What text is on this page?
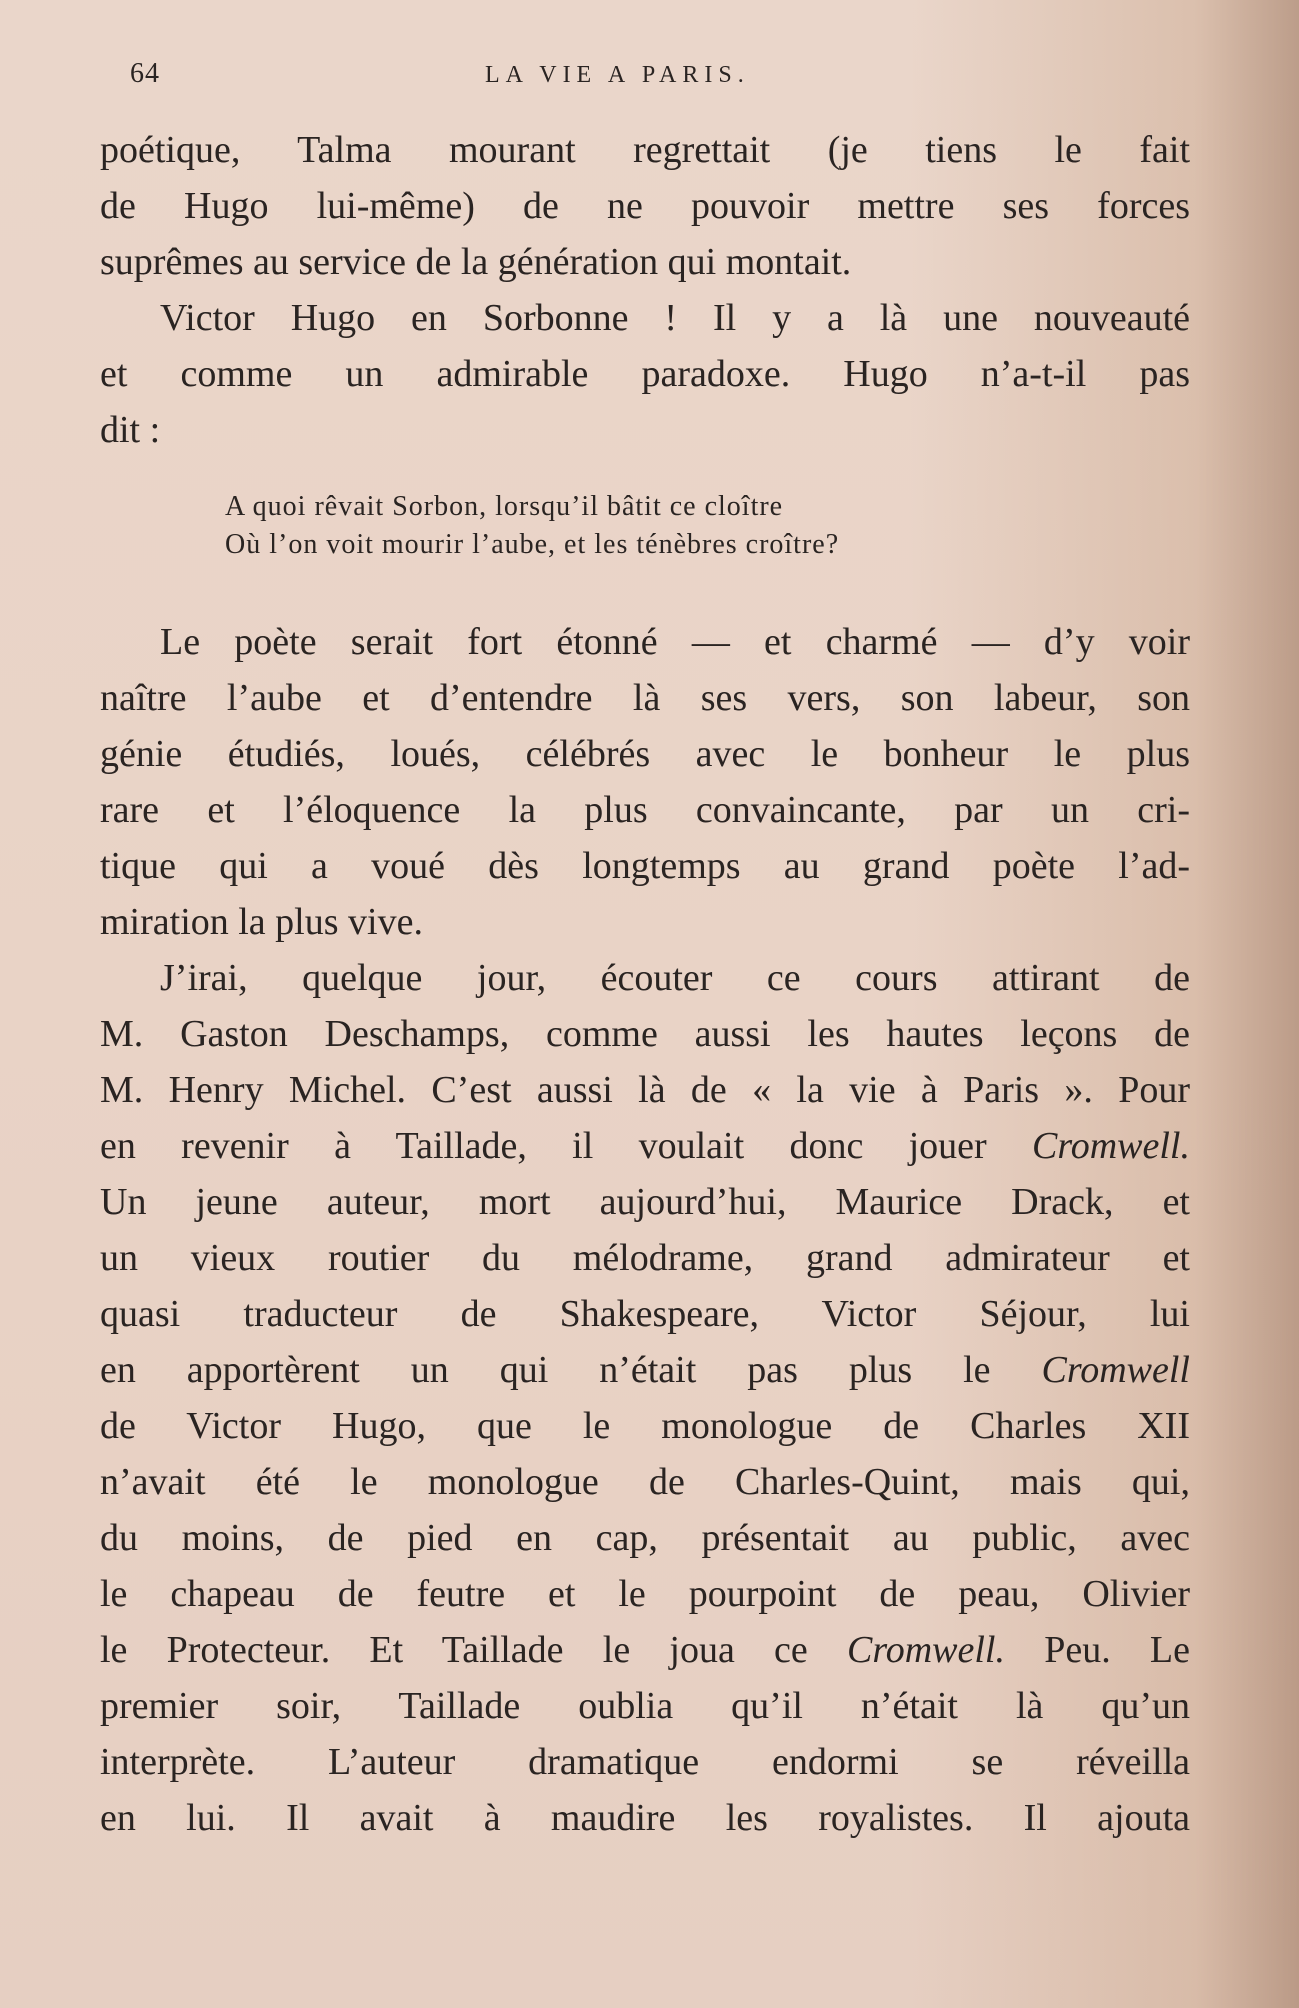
64	LA VIE A PARIS.
poétique, Talma mourant regrettait (je tiens le fait
de Hugo lui-même) de ne pouvoir mettre ses forces
suprêmes au service de la génération qui montait.
Victor Hugo en Sorbonne ! Il y a là une nouveauté
et comme un admirable paradoxe. Hugo n’a-t-il pas
dit :
A quoi rêvait Sorbon, lorsqu’il bâtit ce cloître
Où l’on voit mourir l’aube, et les ténèbres croître?
Le poète serait fort étonné — et charmé — d’y voir
naître l’aube et d’entendre là ses vers, son labeur, son
génie étudiés, loués, célébrés avec le bonheur le plus
rare et l’éloquence la plus convaincante, par un cri-
tique qui a voué dès longtemps au grand poète l’ad-
miration la plus vive.
J’irai, quelque jour, écouter ce cours attirant de
M. Gaston Deschamps, comme aussi les hautes leçons de
M. Henry Michel. C’est aussi là de « la vie à Paris ». Pour
en revenir à Taillade, il voulait donc jouer Cromwell.
Un jeune auteur, mort aujourd’hui, Maurice Drack, et
un vieux routier du mélodrame, grand admirateur et
quasi traducteur de Shakespeare, Victor Séjour, lui
en apportèrent un qui n’était pas plus le Cromwell
de Victor Hugo, que le monologue de Charles XII
n’avait été le monologue de Charles-Quint, mais qui,
du moins, de pied en cap, présentait au public, avec
le chapeau de feutre et le pourpoint de peau, Olivier
le Protecteur. Et Taillade le joua ce Cromwell. Peu. Le
premier soir, Taillade oublia qu’il n’était là qu’un
interprète. L’auteur dramatique endormi se réveilla
en lui. Il avait à maudire les royalistes. Il ajouta
